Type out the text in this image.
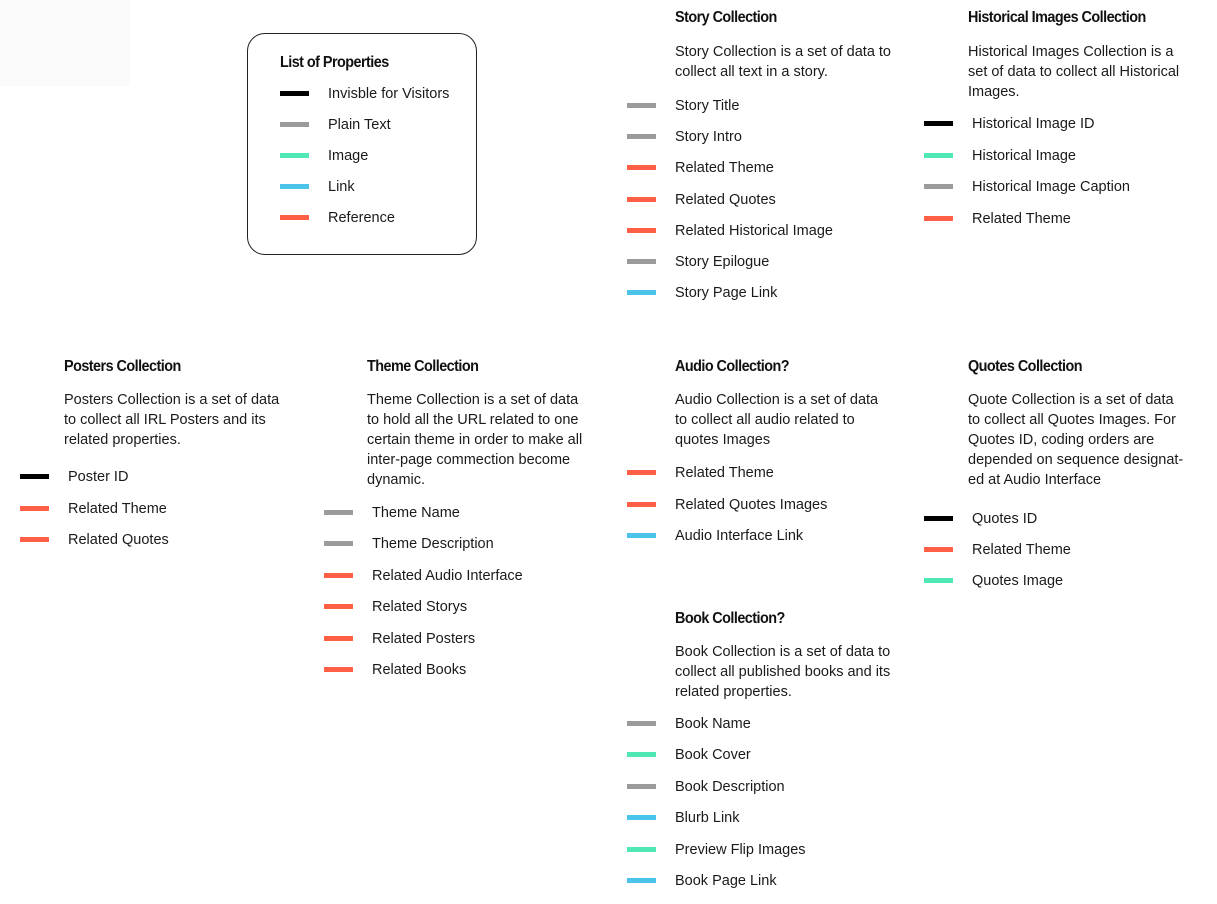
List of Properties
Story Collection
Story Collection is a set of data to
collect all text in a story.
Historical Images Collection
Historical Images Collection is a
set of data to collect all Historical
Images.
Posters Collection
Posters Collection is a set of data
to collect all IRL Posters and its
related properties.
Theme Collection
Theme Collection is a set of data
to hold all the URL related to one
certain theme in order to make all
inter-page commection become
dynamic.
Audio Collection?
Audio Collection is a set of data
to collect all audio related to
quotes Images
Quotes Collection
Quote Collection is a set of data
to collect all Quotes Images. For
Quotes ID, coding orders are
depended on sequence designat-
ed at Audio Interface
Book Collection?
Book Collection is a set of data to
collect all published books and its
related properties.
Invisble for Visitors
Plain Text
Image
Link
Reference
Story Title
Story Intro
Related Theme
Related Quotes
Related Historical Image
Story Epilogue
Story Page Link
Historical Image ID
Historical Image
Historical Image Caption
Related Theme
Poster ID
Related Theme
Related Quotes
Theme Name
Theme Description
Related Audio Interface
Related Storys
Related Posters
Related Books
Related Theme
Related Quotes Images
Audio Interface Link
Quotes ID
Related Theme
Quotes Image
Book Name
Book Cover
Book Description
Blurb Link
Preview Flip Images
Book Page Link
